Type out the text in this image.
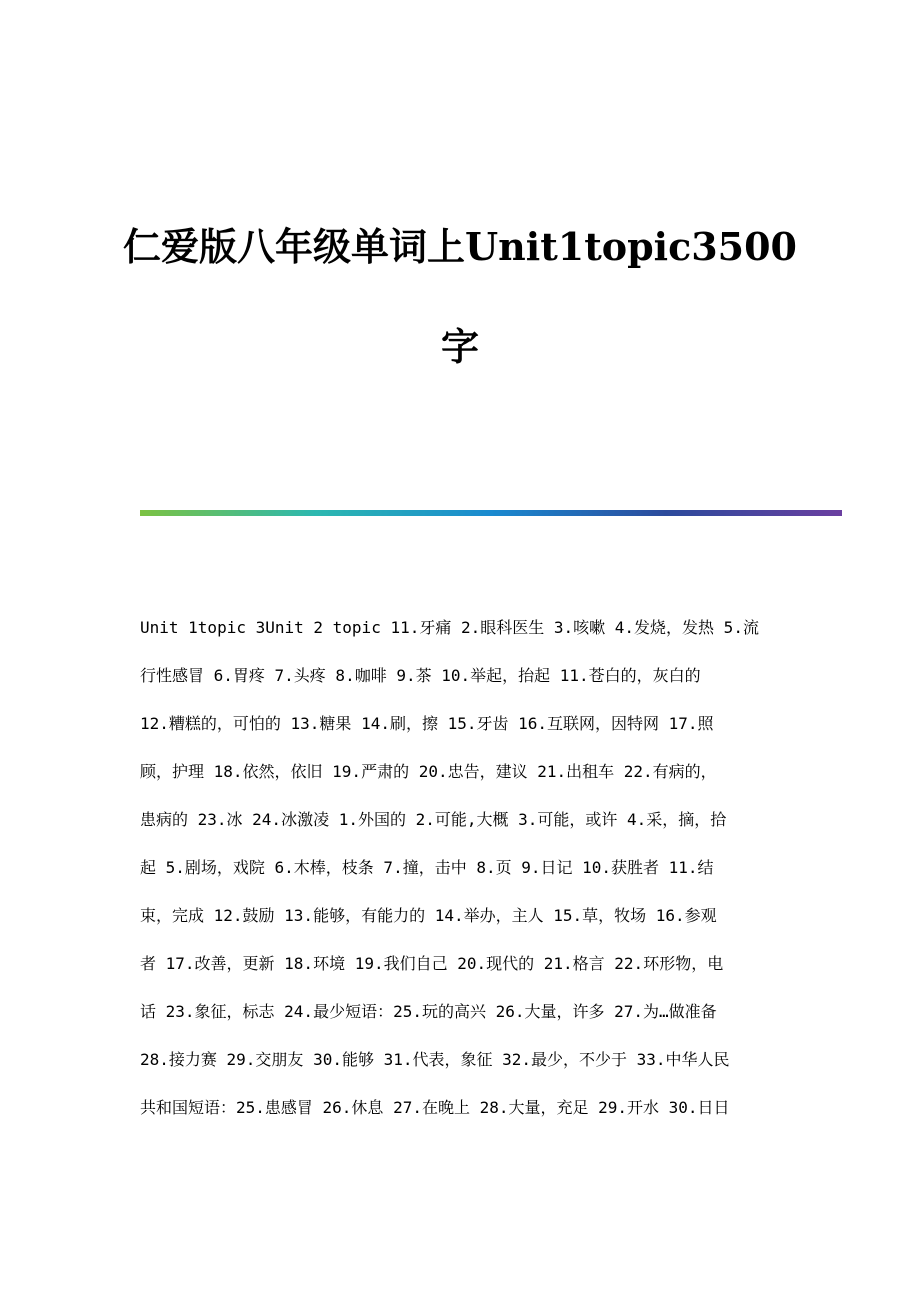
仁爱版八年级单词上Unit1topic3500
字
Unit 1topic 3Unit 2 topic 11.牙痛 2.眼科医生 3.咳嗽 4.发烧，发热 5.流
行性感冒 6.胃疼 7.头疼 8.咖啡 9.茶 10.举起，抬起 11.苍白的，灰白的
12.糟糕的，可怕的 13.糖果 14.刷，擦 15.牙齿 16.互联网，因特网 17.照
顾，护理 18.依然，依旧 19.严肃的 20.忠告，建议 21.出租车 22.有病的，
患病的 23.冰 24.冰激凌 1.外国的 2.可能,大概 3.可能，或许 4.采，摘，拾
起 5.剧场，戏院 6.木棒，枝条 7.撞，击中 8.页 9.日记 10.获胜者 11.结
束，完成 12.鼓励 13.能够，有能力的 14.举办，主人 15.草，牧场 16.参观
者 17.改善，更新 18.环境 19.我们自己 20.现代的 21.格言 22.环形物，电
话 23.象征，标志 24.最少短语：25.玩的高兴 26.大量，许多 27.为…做准备
28.接力赛 29.交朋友 30.能够 31.代表，象征 32.最少，不少于 33.中华人民
共和国短语：25.患感冒 26.休息 27.在晚上 28.大量，充足 29.开水 30.日日
